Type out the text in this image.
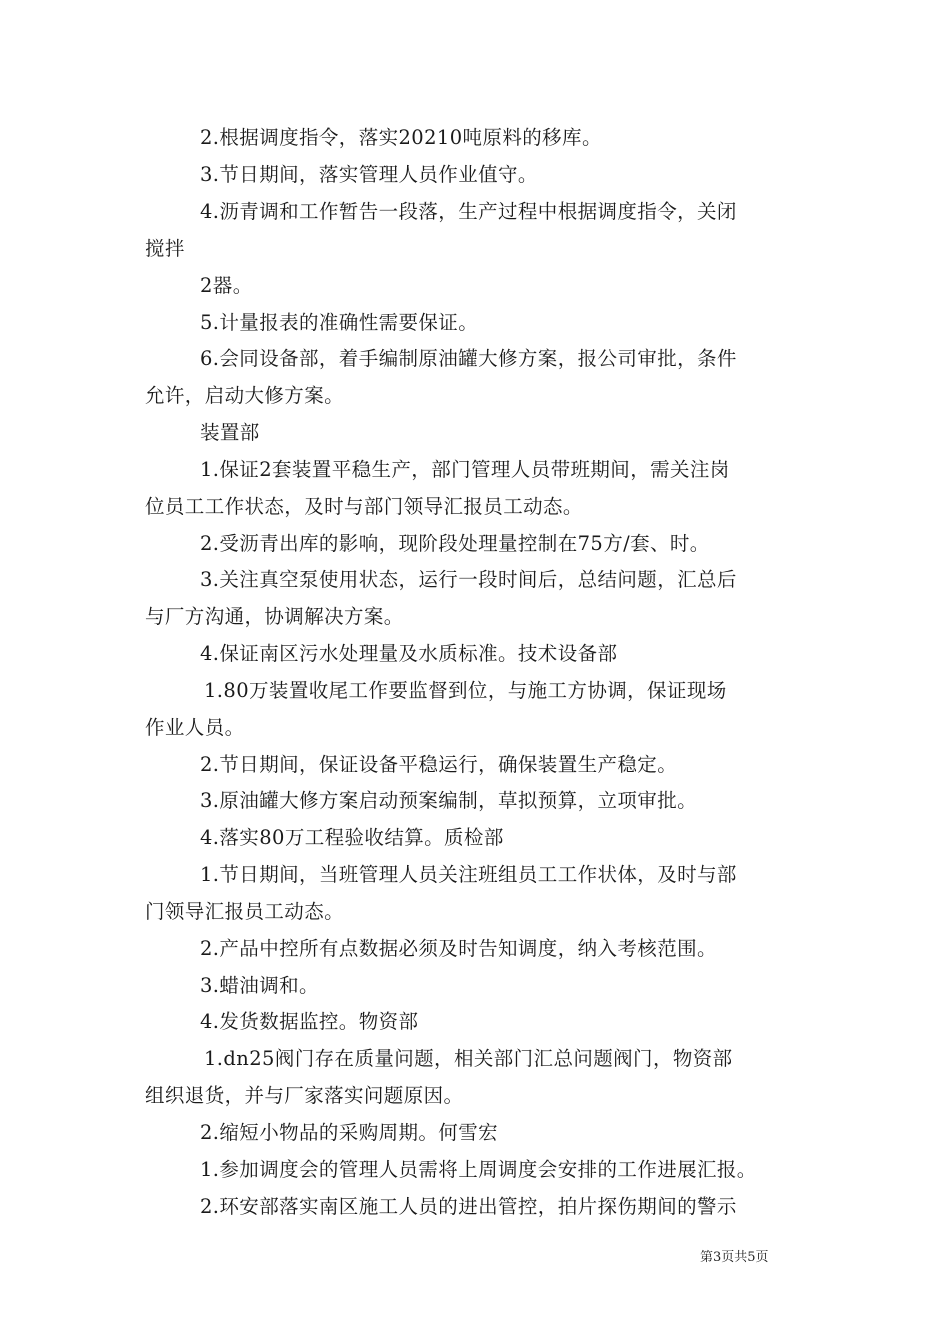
2.根据调度指令，落实20210吨原料的移库。
3.节日期间，落实管理人员作业值守。
4.沥青调和工作暂告一段落，生产过程中根据调度指令，关闭
搅拌
2器。
5.计量报表的准确性需要保证。
6.会同设备部，着手编制原油罐大修方案，报公司审批，条件
允许，启动大修方案。
装置部
1.保证2套装置平稳生产，部门管理人员带班期间，需关注岗
位员工工作状态，及时与部门领导汇报员工动态。
2.受沥青出库的影响，现阶段处理量控制在75方/套、时。
3.关注真空泵使用状态，运行一段时间后，总结问题，汇总后
与厂方沟通，协调解决方案。
4.保证南区污水处理量及水质标准。技术设备部
1.80万装置收尾工作要监督到位，与施工方协调，保证现场
作业人员。
2.节日期间，保证设备平稳运行，确保装置生产稳定。
3.原油罐大修方案启动预案编制，草拟预算，立项审批。
4.落实80万工程验收结算。质检部
1.节日期间，当班管理人员关注班组员工工作状体，及时与部
门领导汇报员工动态。
2.产品中控所有点数据必须及时告知调度，纳入考核范围。
3.蜡油调和。
4.发货数据监控。物资部
1.dn25阀门存在质量问题，相关部门汇总问题阀门，物资部
组织退货，并与厂家落实问题原因。
2.缩短小物品的采购周期。何雪宏
1.参加调度会的管理人员需将上周调度会安排的工作进展汇报。
2.环安部落实南区施工人员的进出管控，拍片探伤期间的警示
第3页共5页
